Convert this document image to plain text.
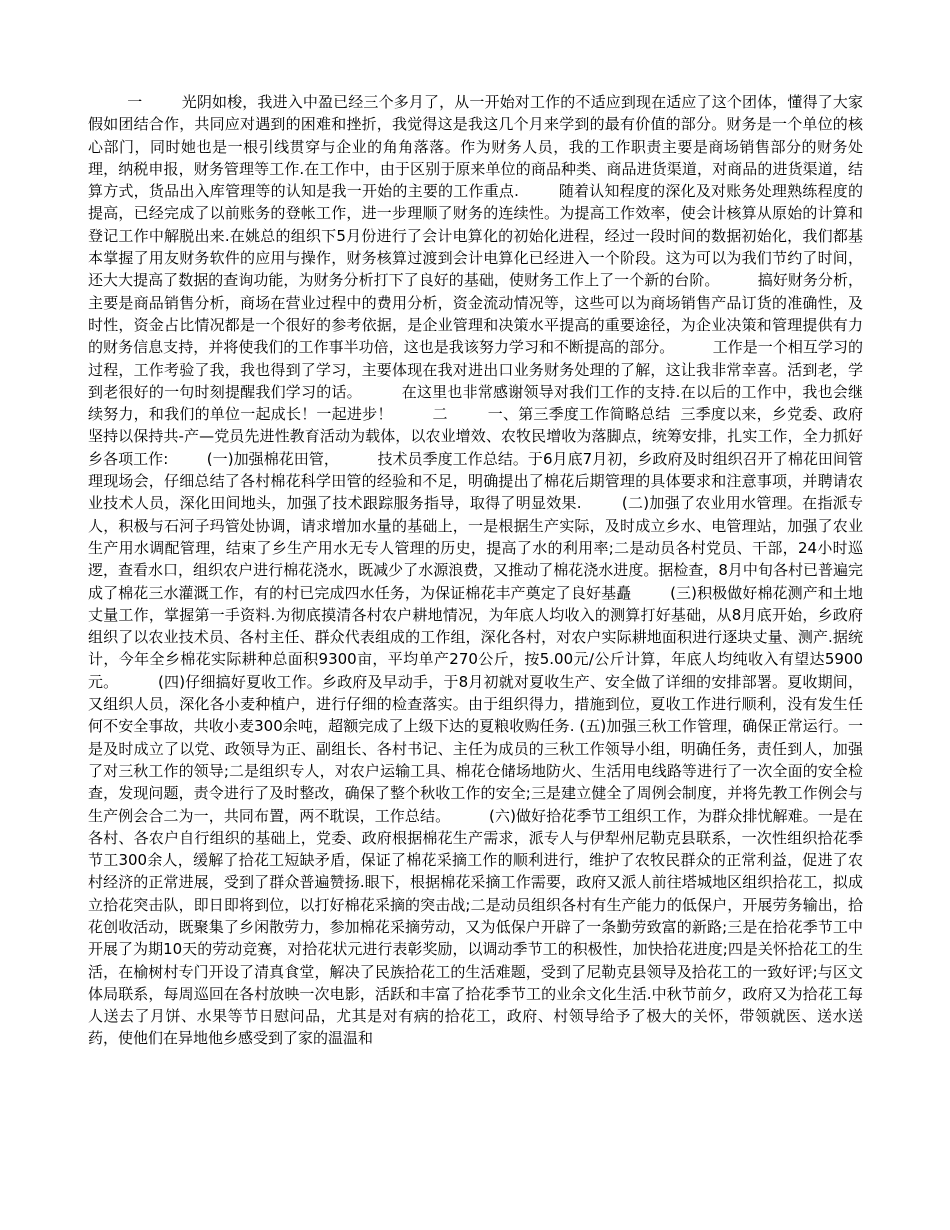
一        光阴如梭，我进入中盈已经三个多月了，从一开始对工作的不适应到现在适应了这个团体，懂得了大家假如团结合作，共同应对遇到的困难和挫折，我觉得这是我这几个月来学到的最有价值的部分。财务是一个单位的核心部门，同时她也是一根引线贯穿与企业的角角落落。作为财务人员，我的工作职责主要是商场销售部分的财务处理，纳税申报，财务管理等工作.在工作中，由于区别于原来单位的商品种类、商品进货渠道，对商品的进货渠道，结算方式，货品出入库管理等的认知是我一开始的主要的工作重点.        随着认知程度的深化及对账务处理熟练程度的提高，已经完成了以前账务的登帐工作，进一步理顺了财务的连续性。为提高工作效率，使会计核算从原始的计算和登记工作中解脱出来.在姚总的组织下5月份进行了会计电算化的初始化进程，经过一段时间的数据初始化，我们都基本掌握了用友财务软件的应用与操作，财务核算过渡到会计电算化已经进入一个阶段。这为可以为我们节约了时间，还大大提高了数据的查询功能，为财务分析打下了良好的基础，使财务工作上了一个新的台阶。        搞好财务分析，主要是商品销售分析，商场在营业过程中的费用分析，资金流动情况等，这些可以为商场销售产品订货的准确性，及时性，资金占比情况都是一个很好的参考依据，是企业管理和决策水平提高的重要途径，为企业决策和管理提供有力的财务信息支持，并将使我们的工作事半功倍，这也是我该努力学习和不断提高的部分。        工作是一个相互学习的过程，工作考验了我，我也得到了学习，主要体现在我对进出口业务财务处理的了解，这让我非常幸喜。活到老，学到老很好的一句时刻提醒我们学习的话。        在这里也非常感谢领导对我们工作的支持.在以后的工作中，我也会继续努力，和我们的单位一起成长！一起进步！        二        一、第三季度工作简略总结  三季度以来，乡党委、政府坚持以保持共-产—党员先进性教育活动为载体，以农业增效、农牧民增收为落脚点，统筹安排，扎实工作，全力抓好乡各项工作:        (一)加强棉花田管，        技术员季度工作总结。于6月底7月初，乡政府及时组织召开了棉花田间管理现场会，仔细总结了各村棉花科学田管的经验和不足，明确提出了棉花后期管理的具体要求和注意事项，并聘请农业技术人员，深化田间地头，加强了技术跟踪服务指导，取得了明显效果.        (二)加强了农业用水管理。在指派专人，积极与石河子玛管处协调，请求增加水量的基础上，一是根据生产实际，及时成立乡水、电管理站，加强了农业生产用水调配管理，结束了乡生产用水无专人管理的历史，提高了水的利用率;二是动员各村党员、干部，24小时巡逻，查看水口，组织农户进行棉花浇水，既减少了水源浪费，又推动了棉花浇水进度。据检查，8月中旬各村已普遍完成了棉花三水灌溉工作，有的村已完成四水任务，为保证棉花丰产奠定了良好基矗        (三)积极做好棉花测产和土地丈量工作，掌握第一手资料.为彻底摸清各村农户耕地情况，为年底人均收入的测算打好基础，从8月底开始，乡政府组织了以农业技术员、各村主任、群众代表组成的工作组，深化各村，对农户实际耕地面积进行逐块丈量、测产.据统计，今年全乡棉花实际耕种总面积9300亩，平均单产270公斤，按5.00元/公斤计算，年底人均纯收入有望达5900元。        (四)仔细搞好夏收工作。乡政府及早动手，于8月初就对夏收生产、安全做了详细的安排部署。夏收期间，又组织人员，深化各小麦种植户，进行仔细的检查落实。由于组织得力，措施到位，夏收工作进行顺利，没有发生任何不安全事故，共收小麦300余吨，超额完成了上级下达的夏粮收购任务. (五)加强三秋工作管理，确保正常运行。一是及时成立了以党、政领导为正、副组长、各村书记、主任为成员的三秋工作领导小组，明确任务，责任到人，加强了对三秋工作的领导;二是组织专人，对农户运输工具、棉花仓储场地防火、生活用电线路等进行了一次全面的安全检查，发现问题，责令进行了及时整改，确保了整个秋收工作的安全;三是建立健全了周例会制度，并将先教工作例会与生产例会合二为一，共同布置，两不耽误，工作总结。        (六)做好拾花季节工组织工作，为群众排忧解难。一是在各村、各农户自行组织的基础上，党委、政府根据棉花生产需求，派专人与伊犁州尼勒克县联系，一次性组织拾花季节工300余人，缓解了拾花工短缺矛盾，保证了棉花采摘工作的顺利进行，维护了农牧民群众的正常利益，促进了农村经济的正常进展，受到了群众普遍赞扬.眼下，根据棉花采摘工作需要，政府又派人前往塔城地区组织拾花工，拟成立拾花突击队，即日即将到位，以打好棉花采摘的突击战;二是动员组织各村有生产能力的低保户，开展劳务输出，拾花创收活动，既聚集了乡闲散劳力，参加棉花采摘劳动，又为低保户开辟了一条勤劳致富的新路;三是在拾花季节工中开展了为期10天的劳动竞赛，对拾花状元进行表彰奖励，以调动季节工的积极性，加快拾花进度;四是关怀拾花工的生活，在榆树村专门开设了清真食堂，解决了民族拾花工的生活难题，受到了尼勒克县领导及拾花工的一致好评;与区文体局联系，每周巡回在各村放映一次电影，活跃和丰富了拾花季节工的业余文化生活.中秋节前夕，政府又为拾花工每人送去了月饼、水果等节日慰问品，尤其是对有病的拾花工，政府、村领导给予了极大的关怀，带领就医、送水送药，使他们在异地他乡感受到了家的温温和
